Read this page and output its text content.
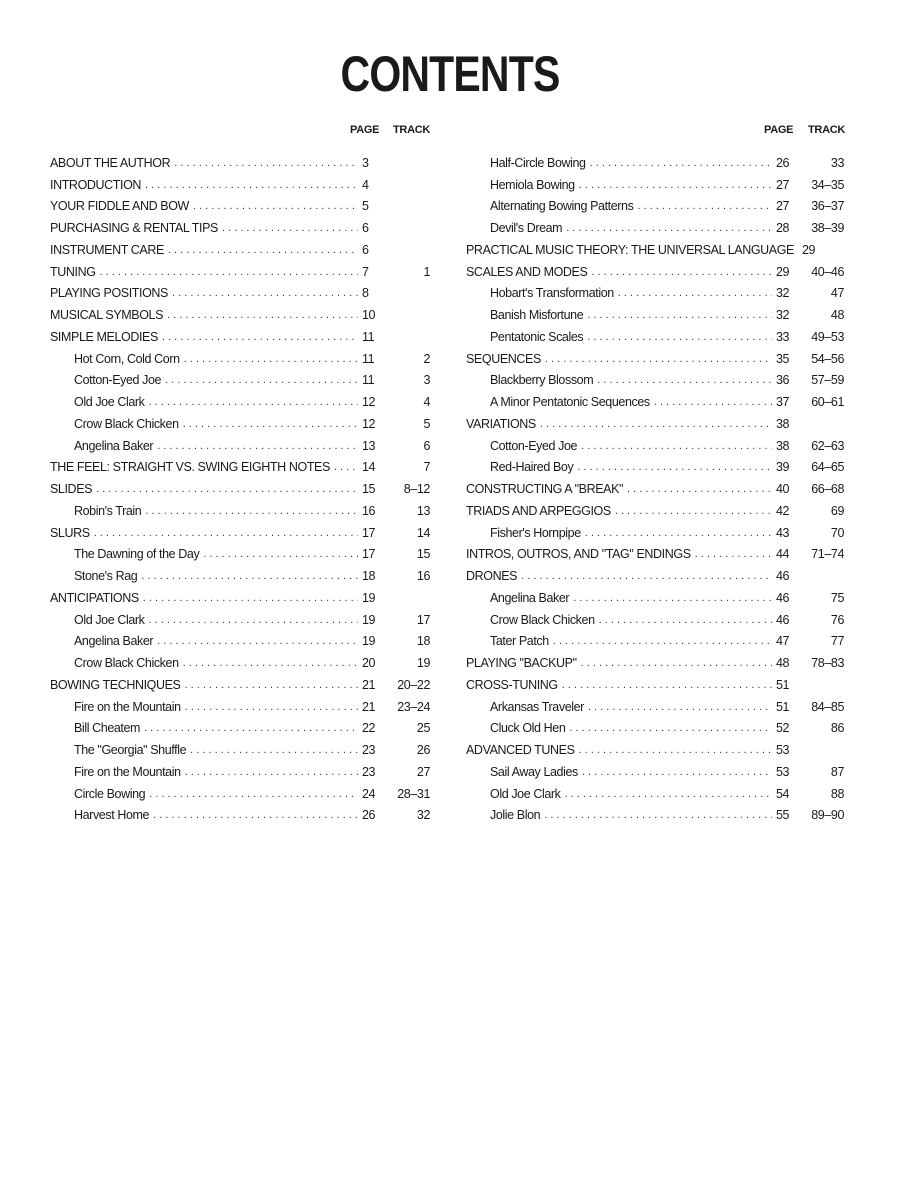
CONTENTS
PAGE TRACK
ABOUT THE AUTHOR . . .	3
INTRODUCTION . . .	4
YOUR FIDDLE AND BOW . . .	5
PURCHASING & RENTAL TIPS . . .	6
INSTRUMENT CARE . . .	6
TUNING . . .	7	1
PLAYING POSITIONS . . .	8
MUSICAL SYMBOLS . . .	10
SIMPLE MELODIES . . .	11
Hot Corn, Cold Corn . . .	11	2
Cotton-Eyed Joe . . .	11	3
Old Joe Clark . . .	12	4
Crow Black Chicken . . .	12	5
Angelina Baker . . .	13	6
THE FEEL: STRAIGHT VS. SWING EIGHTH NOTES . . .	14	7
SLIDES . . .	15	8–12
Robin's Train . . .	16	13
SLURS . . .	17	14
The Dawning of the Day . . .	17	15
Stone's Rag . . .	18	16
ANTICIPATIONS . . .	19
Old Joe Clark . . .	19	17
Angelina Baker . . .	19	18
Crow Black Chicken . . .	20	19
BOWING TECHNIQUES . . .	21	20–22
Fire on the Mountain . . .	21	23–24
Bill Cheatem . . .	22	25
The "Georgia" Shuffle . . .	23	26
Fire on the Mountain . . .	23	27
Circle Bowing . . .	24	28–31
Harvest Home . . .	26	32
PAGE TRACK
Half-Circle Bowing . . .	26	33
Hemiola Bowing . . .	27	34–35
Alternating Bowing Patterns . . .	27	36–37
Devil's Dream . . .	28	38–39
PRACTICAL MUSIC THEORY: THE UNIVERSAL LANGUAGE 29
SCALES AND MODES . . .	29	40–46
Hobart's Transformation . . .	32	47
Banish Misfortune . . .	32	48
Pentatonic Scales . . .	33	49–53
SEQUENCES . . .	35	54–56
Blackberry Blossom . . .	36	57–59
A Minor Pentatonic Sequences . . .	37	60–61
VARIATIONS . . .	38
Cotton-Eyed Joe . . .	38	62–63
Red-Haired Boy . . .	39	64–65
CONSTRUCTING A "BREAK" . . .	40	66–68
TRIADS AND ARPEGGIOS . . .	42	69
Fisher's Hornpipe . . .	43	70
INTROS, OUTROS, AND "TAG" ENDINGS . . .	44	71–74
DRONES . . .	46
Angelina Baker . . .	46	75
Crow Black Chicken . . .	46	76
Tater Patch . . .	47	77
PLAYING "BACKUP" . . .	48	78–83
CROSS-TUNING . . .	51
Arkansas Traveler . . .	51	84–85
Cluck Old Hen . . .	52	86
ADVANCED TUNES . . .	53
Sail Away Ladies . . .	53	87
Old Joe Clark . . .	54	88
Jolie Blon . . .	55	89–90
